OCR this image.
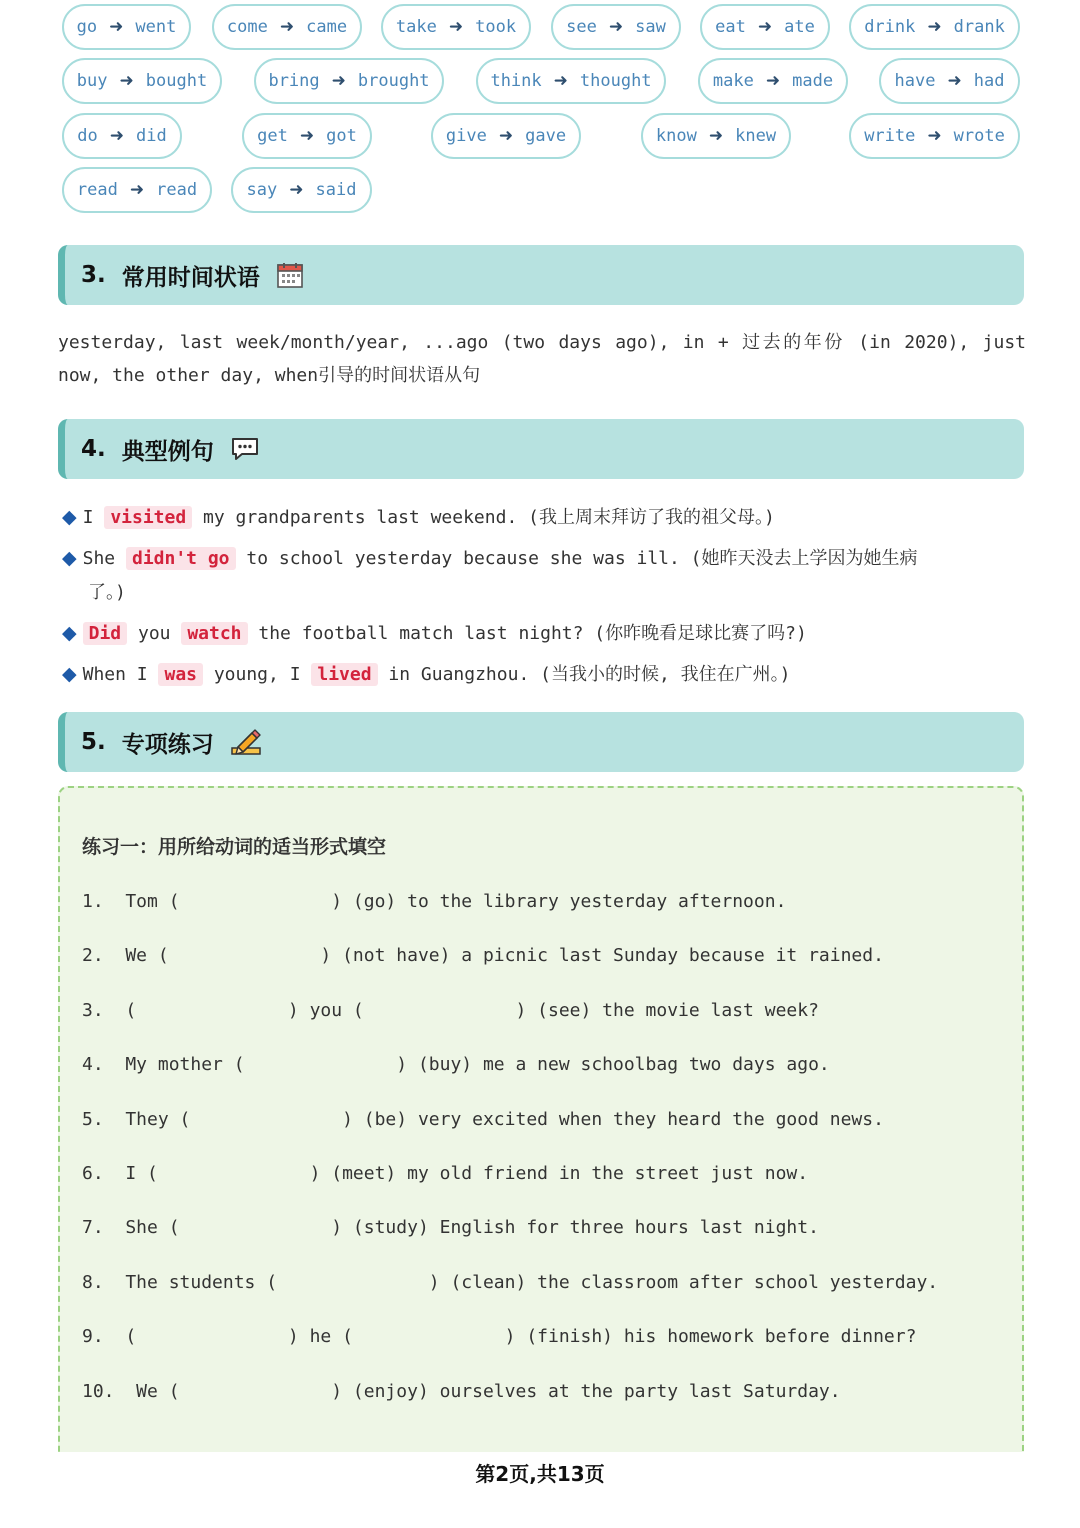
go ➜ went	come ➜ came	take ➜ took	see ➜ saw	eat ➜ ate	drink ➜ drank
buy ➜ bought	bring ➜ brought	think ➜ thought	make ➜ made	have ➜ had
do ➜ did	get ➜ got	give ➜ gave	know ➜ knew	write ➜ wrote
read ➜ read	say ➜ said
3. 常用时间状语
yesterday, last week/month/year, ...ago (two days ago), in + 过去的年份 (in 2020), just now, the other day, when引导的时间状语从句
4. 典型例句
◆ I visited my grandparents last weekend. (我上周末拜访了我的祖父母。)
◆ She didn't go to school yesterday because she was ill. (她昨天没去上学因为她生病
了。)
◆ Did you watch the football match last night? (你昨晚看足球比赛了吗?)
◆ When I was young, I lived in Guangzhou. (当我小的时候, 我住在广州。)
5. 专项练习
练习一：用所给动词的适当形式填空
1.  Tom (              ) (go) to the library yesterday afternoon.
2.  We (              ) (not have) a picnic last Sunday because it rained.
3.  (              ) you (              ) (see) the movie last week?
4.  My mother (              ) (buy) me a new schoolbag two days ago.
5.  They (              ) (be) very excited when they heard the good news.
6.  I (              ) (meet) my old friend in the street just now.
7.  She (              ) (study) English for three hours last night.
8.  The students (              ) (clean) the classroom after school yesterday.
9.  (              ) he (              ) (finish) his homework before dinner?
10.  We (              ) (enjoy) ourselves at the party last Saturday.
第2页,共13页
